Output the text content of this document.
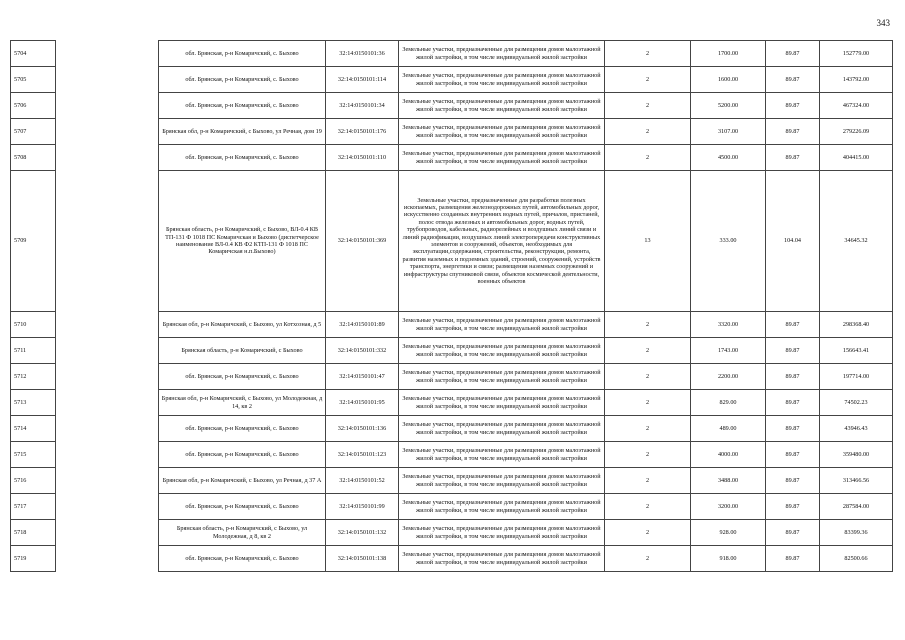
343
5704		обл. Брянская, р-н Комаричский, с. Быхово	32:14:0150101:36	Земельные участки, предназначенные для размещения домов малоэтажной жилой застройки, в том числе индивидуальной жилой застройки	2	1700.00	89.87	152779.00
5705		обл. Брянская, р-н Комаричский, с. Быхово	32:14:0150101:114	Земельные участки, предназначенные для размещения домов малоэтажной жилой застройки, в том числе индивидуальной жилой застройки	2	1600.00	89.87	143792.00
5706		обл. Брянская, р-н Комаричский, с. Быхово	32:14:0150101:34	Земельные участки, предназначенные для размещения домов малоэтажной жилой застройки, в том числе индивидуальной жилой застройки	2	5200.00	89.87	467324.00
5707		Брянская обл, р-н Комаричский, с Быхово, ул Речная, дом 19	32:14:0150101:176	Земельные участки, предназначенные для размещения домов малоэтажной жилой застройки, в том числе индивидуальной жилой застройки	2	3107.00	89.87	279226.09
5708		обл. Брянская, р-н Комаричский, с. Быхово	32:14:0150101:110	Земельные участки, предназначенные для размещения домов малоэтажной жилой застройки, в том числе индивидуальной жилой застройки	2	4500.00	89.87	404415.00
5709		Брянская область, р-н Комаричский, с Быхово, ВЛ-0.4 КВ ТП-131 Ф 1018 ПС Комаричская и Быхово (диспетчерское наименование ВЛ-0.4 КВ Ф2 КТП-131 Ф 1018 ПС Комаричская н.п.Быхово)	32:14:0150101:369	Земельные участки, предназначенные для разработки полезных ископаемых, размещения железнодорожных путей, автомобильных дорог, искусственно созданных внутренних водных путей, причалов, пристаней, полос отвода железных и автомобильных дорог, водных путей, трубопроводов, кабельных, радиорелейных и воздушных линий связи и линий радиофикации, воздушных линий электропередачи конструктивных элементов и сооружений, объектов, необходимых для эксплуатации,содержания, строительства, реконструкции, ремонта, развития наземных и подземных зданий, строений, сооружений, устройств транспорта, энергетики и связи; размещения наземных сооружений и инфраструктуры спутниковой связи, объектов космической деятельности, военных объектов	13	333.00	104.04	34645.32
5710		Брянская обл, р-н Комаричский, с Быхово, ул Котхозная, д 5	32:14:0150101:89	Земельные участки, предназначенные для размещения домов малоэтажной жилой застройки, в том числе индивидуальной жилой застройки	2	3320.00	89.87	298368.40
5711		Брянская область, р-н Комаричский, с Быхово	32:14:0150101:332	Земельные участки, предназначенные для размещения домов малоэтажной жилой застройки, в том числе индивидуальной жилой застройки	2	1743.00	89.87	156643.41
5712		обл. Брянская, р-н Комаричский, с. Быхово	32:14:0150101:47	Земельные участки, предназначенные для размещения домов малоэтажной жилой застройки, в том числе индивидуальной жилой застройки	2	2200.00	89.87	197714.00
5713		Брянская обл, р-н Комаричский, с Быхово, ул Молодежная, д 14, кв 2	32:14:0150101:95	Земельные участки, предназначенные для размещения домов малоэтажной жилой застройки, в том числе индивидуальной жилой застройки	2	829.00	89.87	74502.23
5714		обл. Брянская, р-н Комаричский, с. Быхово	32:14:0150101:136	Земельные участки, предназначенные для размещения домов малоэтажной жилой застройки, в том числе индивидуальной жилой застройки	2	489.00	89.87	43946.43
5715		обл. Брянская, р-н Комаричский, с. Быхово	32:14:0150101:123	Земельные участки, предназначенные для размещения домов малоэтажной жилой застройки, в том числе индивидуальной жилой застройки	2	4000.00	89.87	359480.00
5716		Брянская обл, р-н Комаричский, с Быхово, ул Речная, д 37 А	32:14:0150101:52	Земельные участки, предназначенные для размещения домов малоэтажной жилой застройки, в том числе индивидуальной жилой застройки	2	3488.00	89.87	313466.56
5717		обл. Брянская, р-н Комаричский, с. Быхово	32:14:0150101:99	Земельные участки, предназначенные для размещения домов малоэтажной жилой застройки, в том числе индивидуальной жилой застройки	2	3200.00	89.87	287584.00
5718		Брянская область, р-н Комаричский, с Быхово, ул Молодежная, д 8, кв 2	32:14:0150101:132	Земельные участки, предназначенные для размещения домов малоэтажной жилой застройки, в том числе индивидуальной жилой застройки	2	928.00	89.87	83399.36
5719		обл. Брянская, р-н Комаричский, с. Быхово	32:14:0150101:138	Земельные участки, предназначенные для размещения домов малоэтажной жилой застройки, в том числе индивидуальной жилой застройки	2	918.00	89.87	82500.66
